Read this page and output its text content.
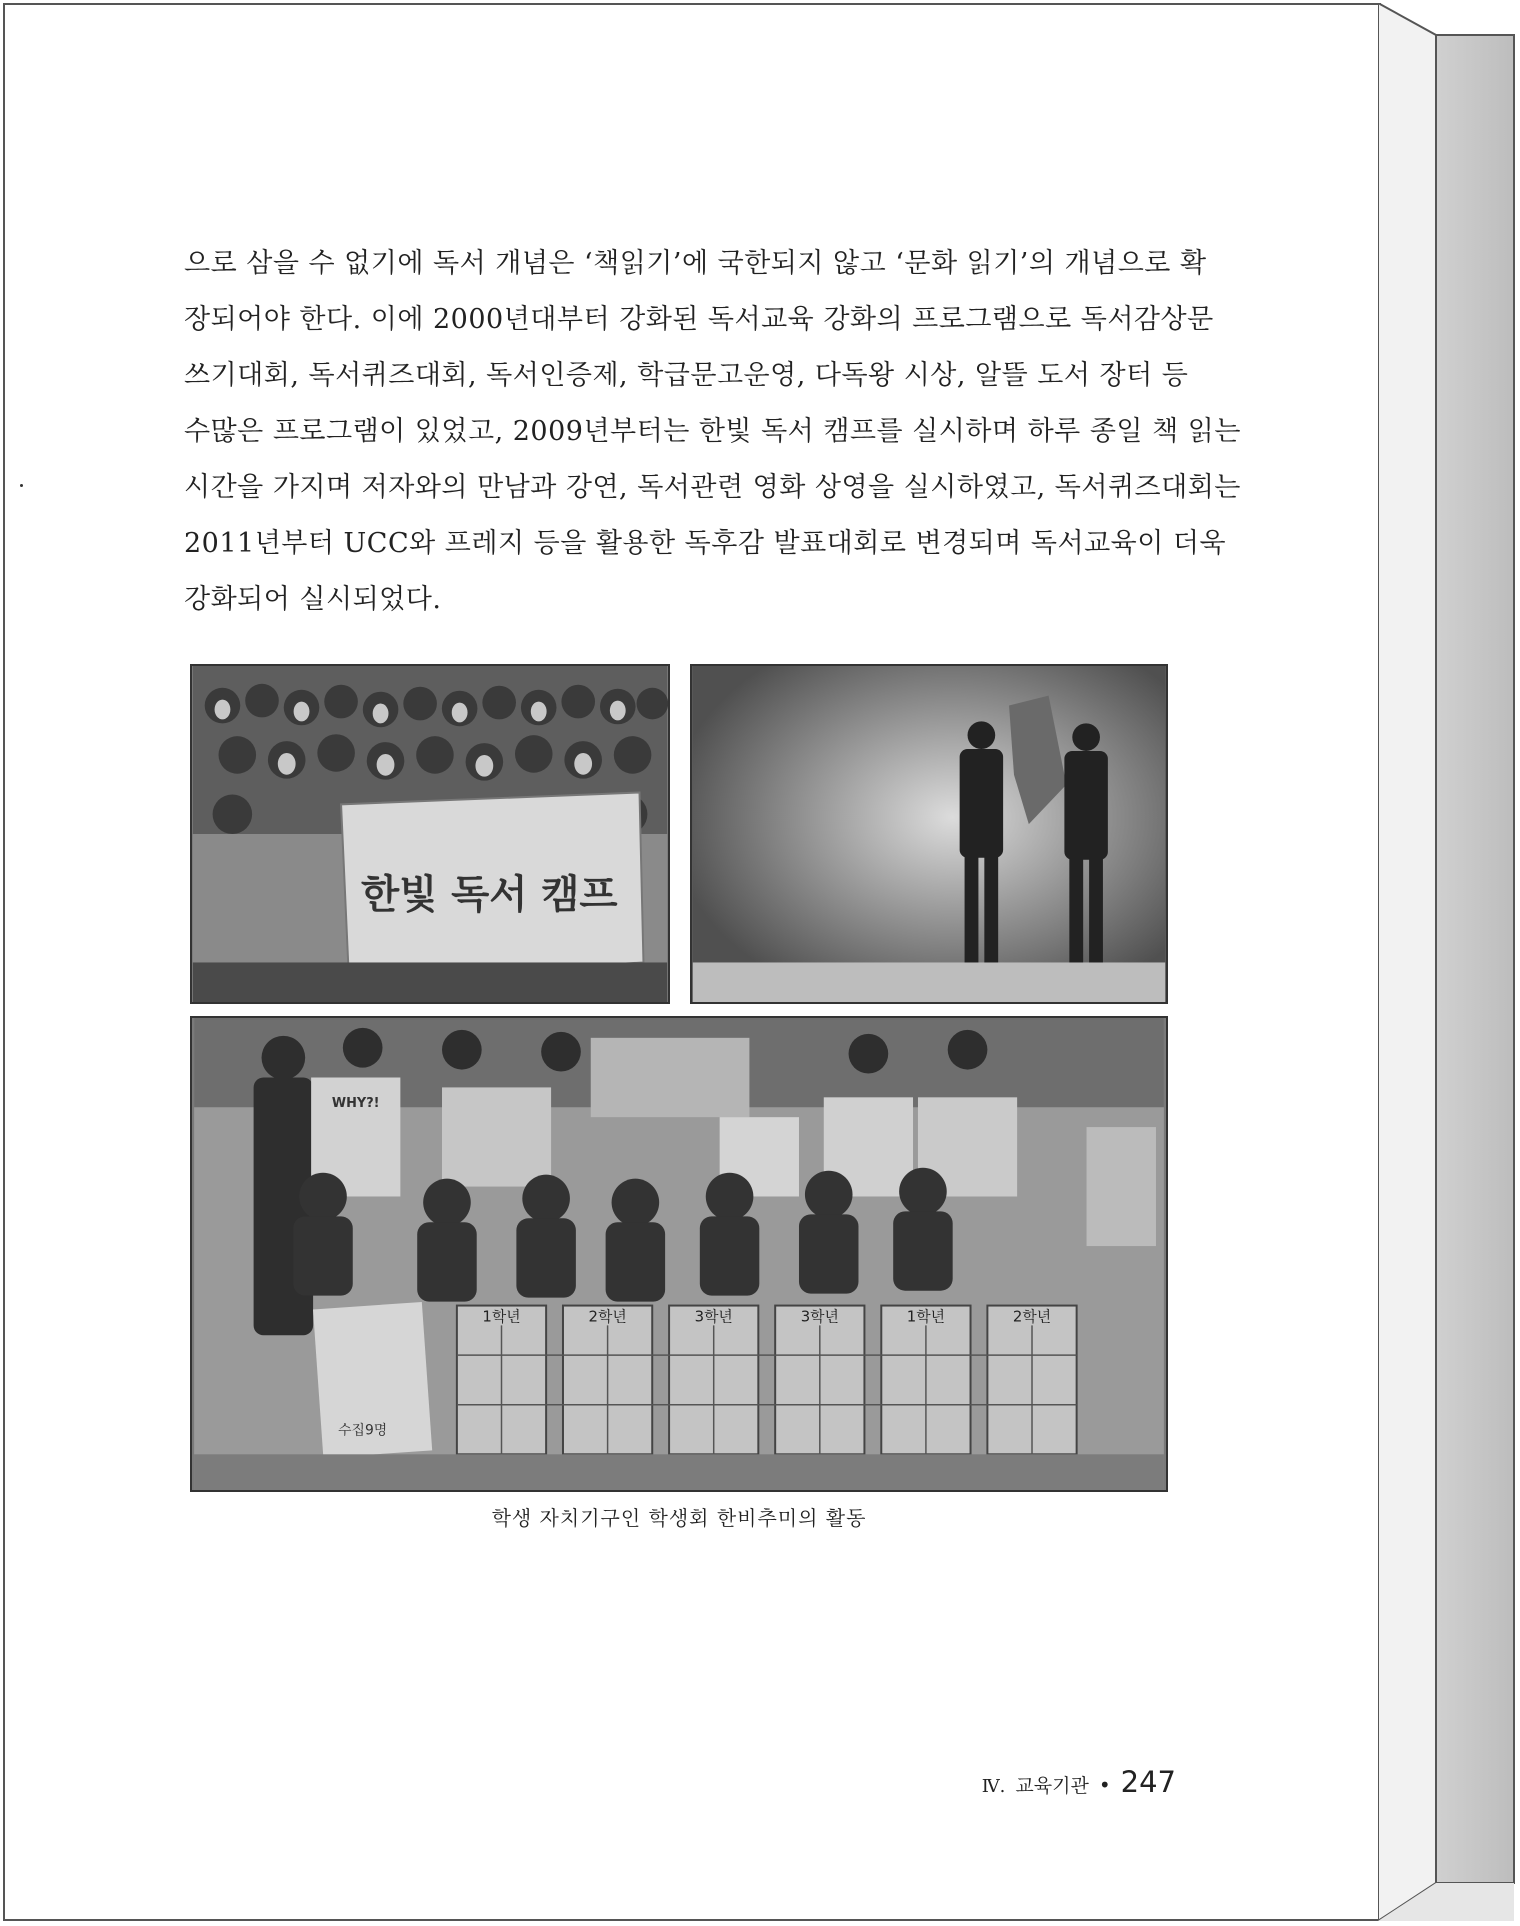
으로 삼을 수 없기에 독서 개념은 ‘책읽기’에 국한되지 않고 ‘문화 읽기’의 개념으로 확
장되어야 한다. 이에 2000년대부터 강화된 독서교육 강화의 프로그램으로 독서감상문
쓰기대회, 독서퀴즈대회, 독서인증제, 학급문고운영, 다독왕 시상, 알뜰 도서 장터 등
수많은 프로그램이 있었고, 2009년부터는 한빛 독서 캠프를 실시하며 하루 종일 책 읽는
시간을 가지며 저자와의 만남과 강연, 독서관련 영화 상영을 실시하였고, 독서퀴즈대회는
2011년부터 UCC와 프레지 등을 활용한 독후감 발표대회로 변경되며 독서교육이 더욱
강화되어 실시되었다.
한빛 독서 캠프
WHY?!
수집9명
1학년	2학년	3학년	3학년	1학년	2학년
학생 자치기구인 학생회 한비추미의 활동
Ⅳ. 교육기관 • 247
